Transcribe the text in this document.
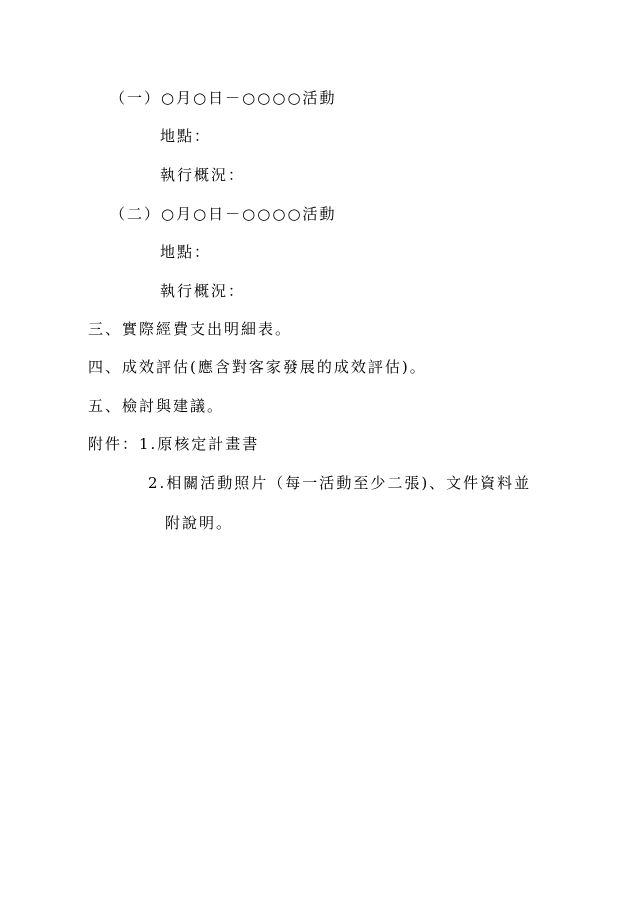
（一）○月○日－○○○○活動
地點：
執行概況：
（二）○月○日－○○○○活動
地點：
執行概況：
三、實際經費支出明細表。
四、成效評估(應含對客家發展的成效評估)。
五、檢討與建議。
附件：1.原核定計畫書
2.相關活動照片（每一活動至少二張)、文件資料並
附說明。
